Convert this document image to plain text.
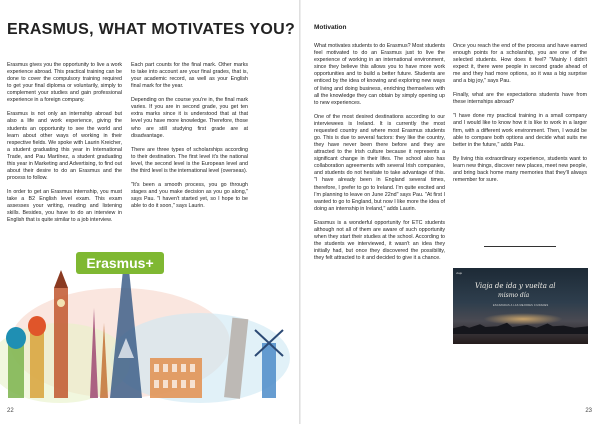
ERASMUS, WHAT MOTIVATES YOU?

Erasmus gives you the opportunity to live a work experience abroad. This practical training can be done to cover the compulsory training required to get your final diploma or voluntarily, simply to complement your studies and gain professional experience in a foreign company.

Erasmus is not only an internship abroad but also a life and work experience, giving the students an opportunity to see the world and learn about other ways of working in their respective fields. We spoke with Laurin Kreicher, a student graduating this year in International Trade, and Pau Martínez, a student graduating this year in Marketing and Advertising, to find out about their desire to do an Erasmus and the process to follow.

In order to get an Erasmus internship, you must take a B2 English level exam. This exam assesses your writing, reading and listening skills. Besides, you have to do an interview in English that is quite similar to a job interview.

Each part counts for the final mark. Other marks to take into account are your final grades, that is, your academic record, as well as your English final mark for the year.

Depending on the course you're in, the final mark varies. If you are in second grade, you get ten extra marks since it is understood that at that level you have more knowledge. Therefore, those who are still studying first grade are at disadvantage.

There are three types of scholarships according to their destination. The first level it's the national level, the second level is the European level and the third level is the international level (overseas).

"It's been a smooth process, you go through stages and you make decision as you go along," says Pau. "I haven't started yet, so I hope to be able to do it soon," says Laurin.

Erasmus+
22
Motivation

What motivates students to do Erasmus? Most students feel motivated to do an Erasmus just to live the experience of working in an international environment, since they believe this allows you to have more work opportunities and to build a better future. Students are enticed by the idea of knowing and exploring new ways of living and doing business, enriching themselves with all the knowledge they can obtain by simply opening up to new experiences.

One of the most desired destinations according to our interviewees is Ireland. It is currently the most requested country and where most Erasmus students go. This is due to several factors: they like the country, they have never been there before and they are attracted to the Irish culture because it represents a significant change in their lifes. The school also has collaboration agreements with several Irish companies, and students do not hesitate to take advantage of this. "I have already been in England several times, therefore, I prefer to go to Ireland. I'm quite excited and I'm planning to leave on June 22nd" says Pau. "At first I wanted to go to England, but now I like more the idea of doing an internship in Ireland," adds Laurin.

Erasmus is a wonderful opportunity for ETC students although not all of them are aware of such opportunity when they start their studies at the school. According to the students we interviewed, it wasn't an idea they initially had, but once they discovered the possibility, they felt attracted to it and decided to give it a chance.

Once you reach the end of the process and have earned enough points for a scholarship, you are one of the selected students. How does it feel? "Mainly I didn't expect it, there were people in second grade ahead of me and they had more options, so it was a big surprise and a big joy," says Pau.

Finally, what are the expectations students have from these internships abroad?

"I have done my practical training in a small company and I would like to know how it is like to work in a larger firm, with a different work environment. Then, I would be able to compare both options and decide what suits me better in the future," adds Pau.

By living this extraordinary experience, students want to learn new things, discover new places, meet new people, and bring back home many memories that they'll always remember for sure.

viaje
Viaja de ida y vuelta al
mismo día
ESCAPADAS A LAS MEJORES CIUDADES
23
